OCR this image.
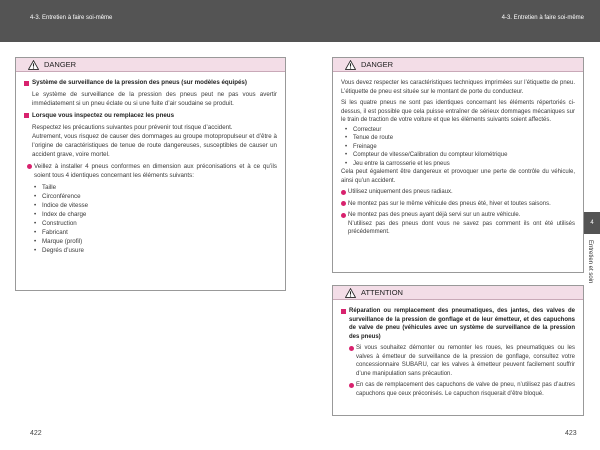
4-3. Entretien à faire soi-même	4-3. Entretien à faire soi-même
DANGER
Système de surveillance de la pression des pneus (sur modèles équipés)
Le système de surveillance de la pression des pneus peut ne pas vous avertir immédiatement si un pneu éclate ou si une fuite d’air soudaine se produit.
Lorsque vous inspectez ou remplacez les pneus
Respectez les précautions suivantes pour prévenir tout risque d’accident.
Autrement, vous risquez de causer des dommages au groupe motopropulseur et d’être à l’origine de caractéristiques de tenue de route dangereuses, susceptibles de causer un accident grave, voire mortel.
Veillez à installer 4 pneus conformes en dimension aux préconisations et à ce qu’ils soient tous 4 identiques concernant les éléments suivants:
• Taille
• Circonférence
• Indice de vitesse
• Index de charge
• Construction
• Fabricant
• Marque (profil)
• Degrés d’usure
DANGER
Vous devez respecter les caractéristiques techniques imprimées sur l’étiquette de pneu. L’étiquette de pneu est située sur le montant de porte du conducteur.
Si les quatre pneus ne sont pas identiques concernant les éléments répertoriés ci-dessus, il est possible que cela puisse entraîner de sérieux dommages mécaniques sur le train de traction de votre voiture et que les éléments suivants soient affectés.
• Correcteur
• Tenue de route
• Freinage
• Compteur de vitesse/Calibration du compteur kilométrique
• Jeu entre la carrosserie et les pneus
Cela peut également être dangereux et provoquer une perte de contrôle du véhicule, ainsi qu’un accident.
Utilisez uniquement des pneus radiaux.
Ne montez pas sur le même véhicule des pneus été, hiver et toutes saisons.
Ne montez pas des pneus ayant déjà servi sur un autre véhicule.
N’utilisez pas des pneus dont vous ne savez pas comment ils ont été utilisés précédemment.
ATTENTION
Réparation ou remplacement des pneumatiques, des jantes, des valves de surveillance de la pression de gonflage et de leur émetteur, et des capuchons de valve de pneu (véhicules avec un système de surveillance de la pression des pneus)
Si vous souhaitez démonter ou remonter les roues, les pneumatiques ou les valves à émetteur de surveillance de la pression de gonflage, consultez votre concessionnaire SUBARU, car les valves à émetteur peuvent facilement souffrir d’une manipulation sans précaution.
En cas de remplacement des capuchons de valve de pneu, n’utilisez pas d’autres capuchons que ceux préconisés. Le capuchon risquerait d’être bloqué.
4
Entretien et soin
422	423
